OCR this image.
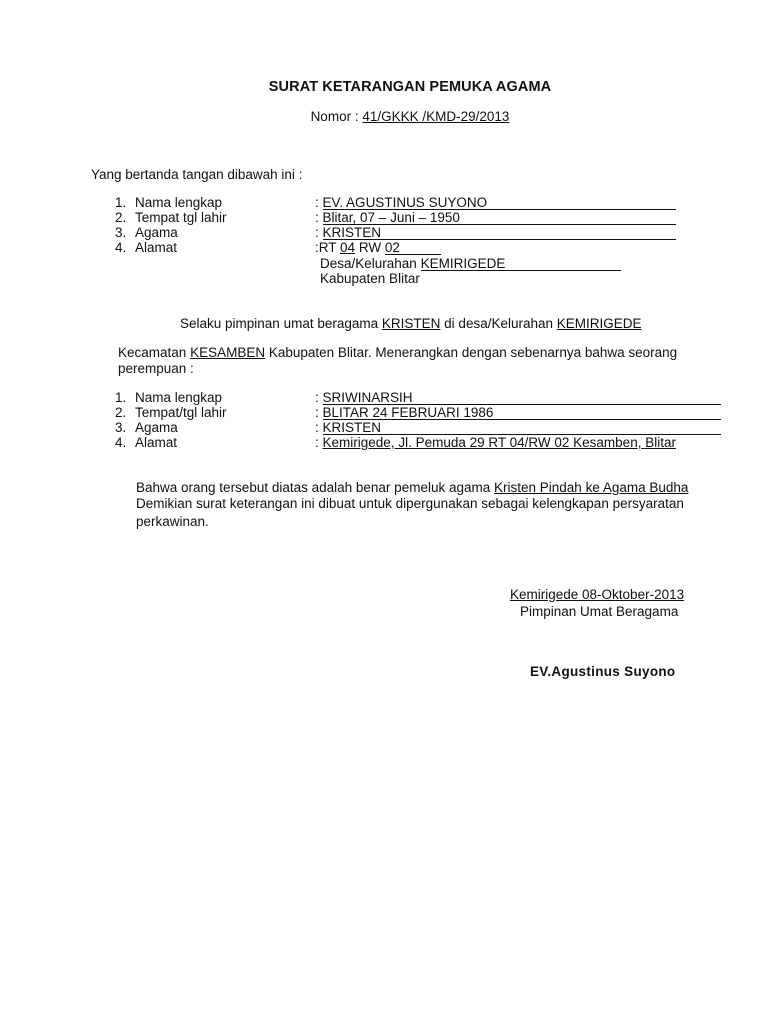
SURAT KETARANGAN PEMUKA AGAMA
Nomor : 41/GKKK /KMD-29/2013
Yang bertanda tangan dibawah ini :
1. Nama lengkap	: EV. AGUSTINUS SUYONO
2. Tempat tgl lahir	: Blitar, 07 – Juni – 1950
3. Agama	: KRISTEN
4. Alamat	:RT 04 RW 02
Desa/Kelurahan KEMIRIGEDE
Kabupaten Blitar
Selaku pimpinan umat beragama KRISTEN di desa/Kelurahan KEMIRIGEDE
Kecamatan KESAMBEN Kabupaten Blitar. Menerangkan dengan sebenarnya bahwa seorang
perempuan :
1. Nama lengkap	: SRIWINARSIH
2. Tempat/tgl lahir	: BLITAR 24 FEBRUARI 1986
3. Agama	: KRISTEN
4. Alamat	: Kemirigede, Jl. Pemuda 29 RT 04/RW 02 Kesamben, Blitar
Bahwa orang tersebut diatas adalah benar pemeluk agama Kristen Pindah ke Agama Budha
Demikian surat keterangan ini dibuat untuk dipergunakan sebagai kelengkapan persyaratan
perkawinan.
Kemirigede 08-Oktober-2013
Pimpinan Umat Beragama
EV.Agustinus Suyono
